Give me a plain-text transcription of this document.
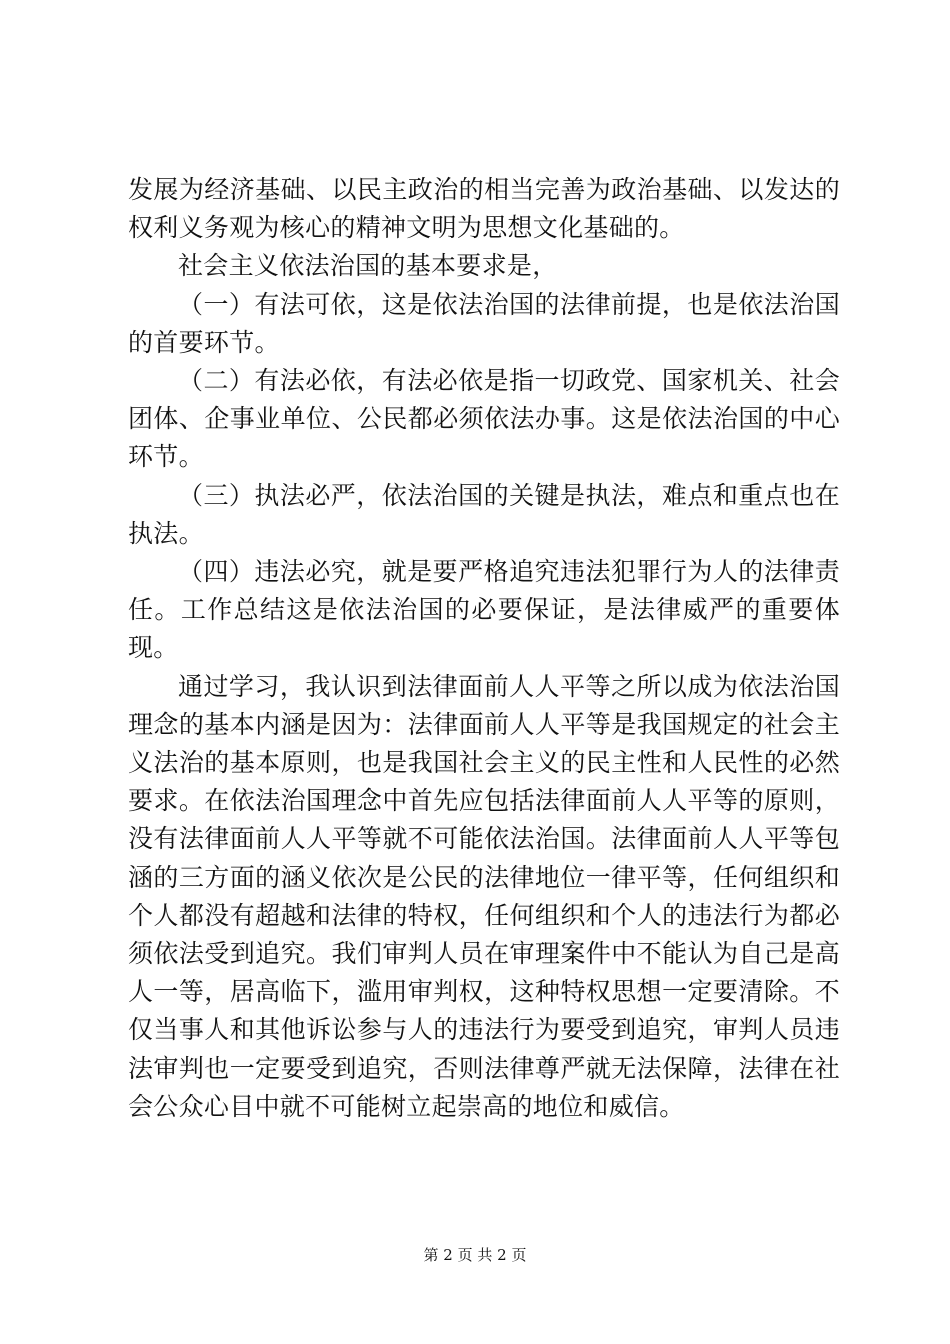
发展为经济基础、以民主政治的相当完善为政治基础、以发达的权利义务观为核心的精神文明为思想文化基础的。

社会主义依法治国的基本要求是，

（一）有法可依，这是依法治国的法律前提，也是依法治国的首要环节。

（二）有法必依，有法必依是指一切政党、国家机关、社会团体、企事业单位、公民都必须依法办事。这是依法治国的中心环节。

（三）执法必严，依法治国的关键是执法，难点和重点也在执法。

（四）违法必究，就是要严格追究违法犯罪行为人的法律责任。工作总结这是依法治国的必要保证，是法律威严的重要体现。

通过学习，我认识到法律面前人人平等之所以成为依法治国理念的基本内涵是因为：法律面前人人平等是我国规定的社会主义法治的基本原则，也是我国社会主义的民主性和人民性的必然要求。在依法治国理念中首先应包括法律面前人人平等的原则，没有法律面前人人平等就不可能依法治国。法律面前人人平等包涵的三方面的涵义依次是公民的法律地位一律平等，任何组织和个人都没有超越和法律的特权，任何组织和个人的违法行为都必须依法受到追究。我们审判人员在审理案件中不能认为自己是高人一等，居高临下，滥用审判权，这种特权思想一定要清除。不仅当事人和其他诉讼参与人的违法行为要受到追究，审判人员违法审判也一定要受到追究，否则法律尊严就无法保障，法律在社会公众心目中就不可能树立起崇高的地位和威信。

第 2 页 共 2 页
